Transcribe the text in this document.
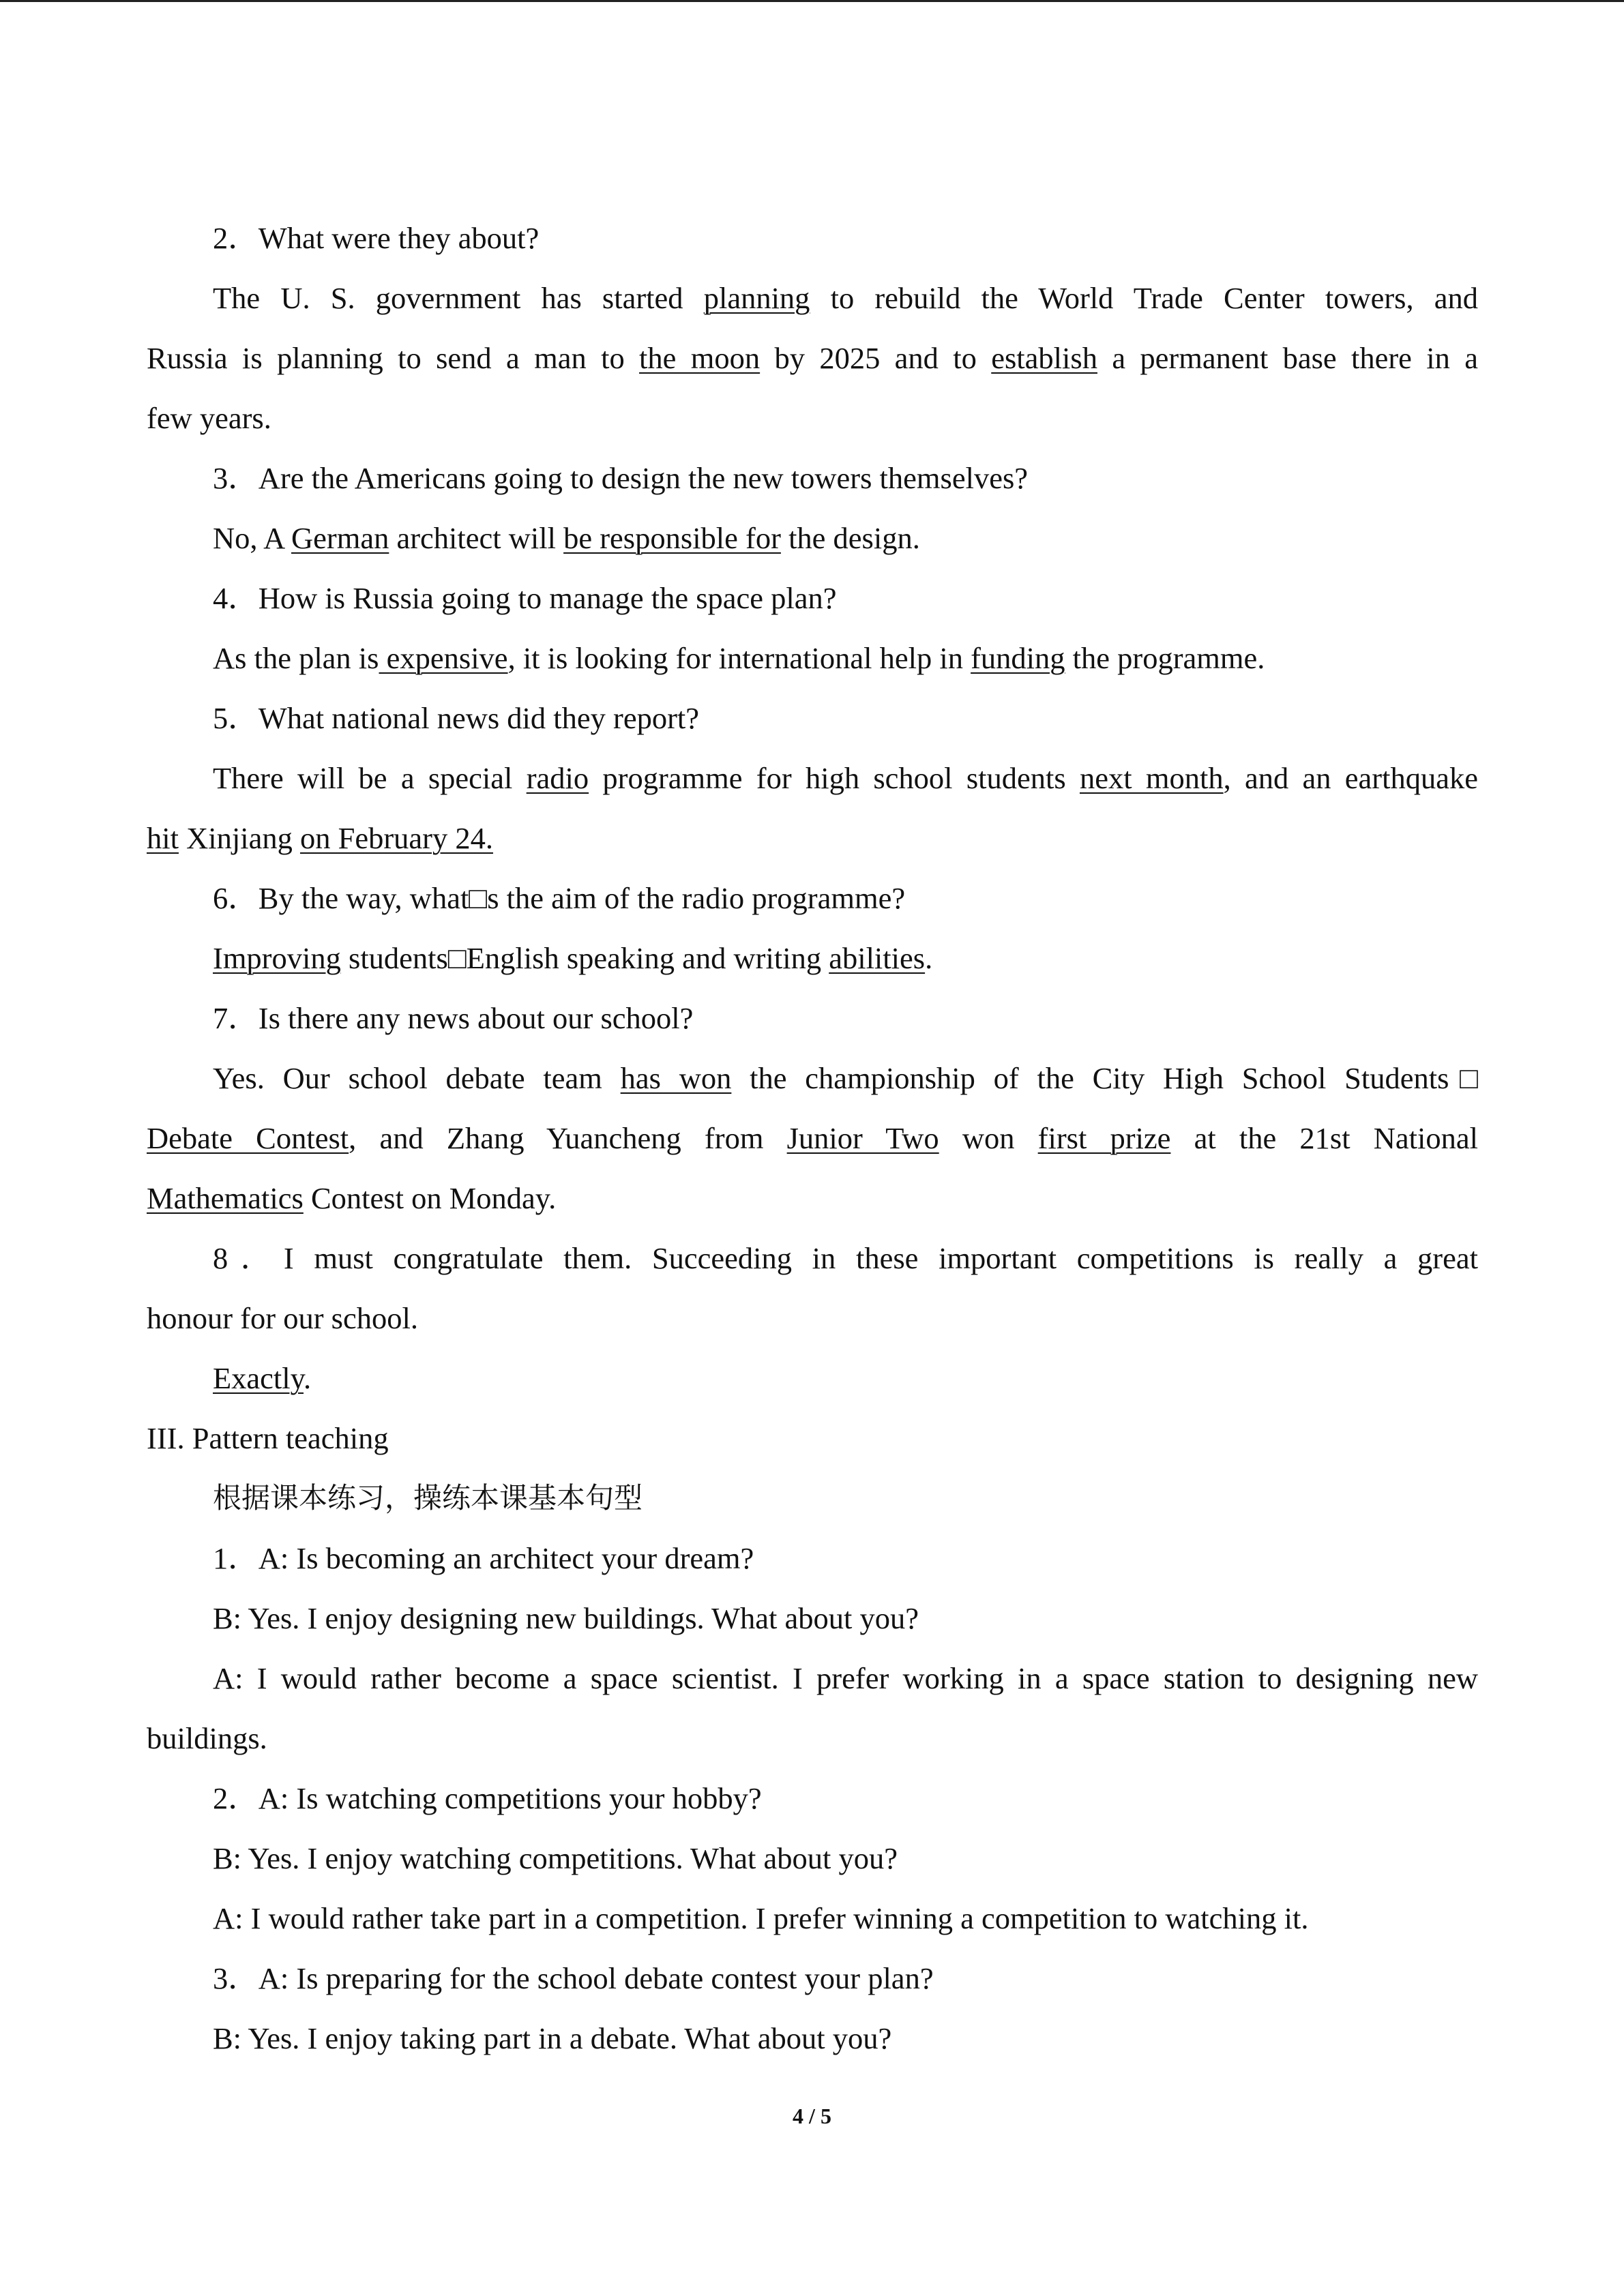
2．What were they about?
The U. S. government has started planning to rebuild the World Trade Center towers, and
Russia is planning to send a man to the moon by 2025 and to establish a permanent base there in a
few years.
3．Are the Americans going to design the new towers themselves?
No, A German architect will be responsible for the design.
4．How is Russia going to manage the space plan?
As the plan is expensive, it is looking for international help in funding the programme.
5．What national news did they report?
There will be a special radio programme for high school students next month, and an earthquake
hit Xinjiang on February 24.
6．By the way, what□s the aim of the radio programme?
Improving students□English speaking and writing abilities.
7．Is there any news about our school?
Yes. Our school debate team has won the championship of the City High School Students□
Debate Contest, and Zhang Yuancheng from Junior Two won first prize at the 21st National
Mathematics Contest on Monday.
8．I must congratulate them. Succeeding in these important competitions is really a great
honour for our school.
Exactly.
III. Pattern teaching
根据课本练习，操练本课基本句型
1．A: Is becoming an architect your dream?
B: Yes. I enjoy designing new buildings. What about you?
A: I would rather become a space scientist. I prefer working in a space station to designing new
buildings.
2．A: Is watching competitions your hobby?
B: Yes. I enjoy watching competitions. What about you?
A: I would rather take part in a competition. I prefer winning a competition to watching it.
3．A: Is preparing for the school debate contest your plan?
B: Yes. I enjoy taking part in a debate. What about you?
4 / 5
